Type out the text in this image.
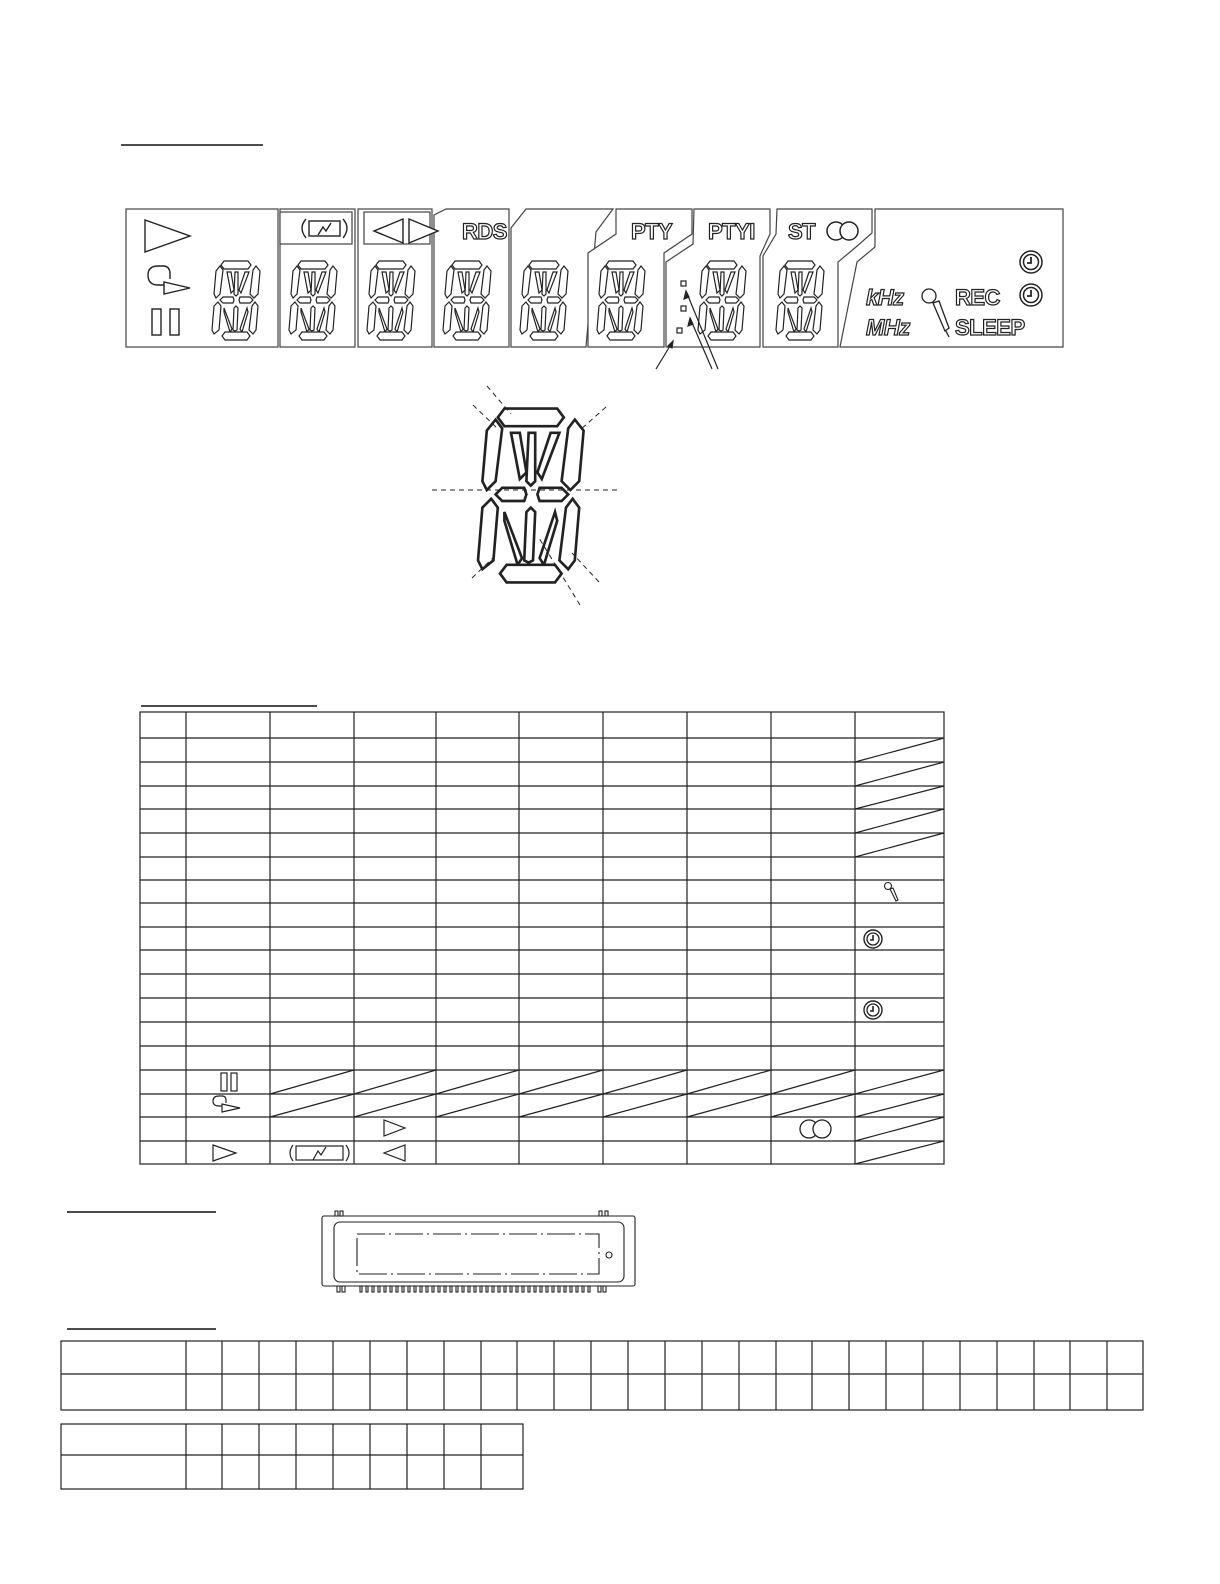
RDS	PTY PTYI ST
kHz
MHz
REC
SLEEP
